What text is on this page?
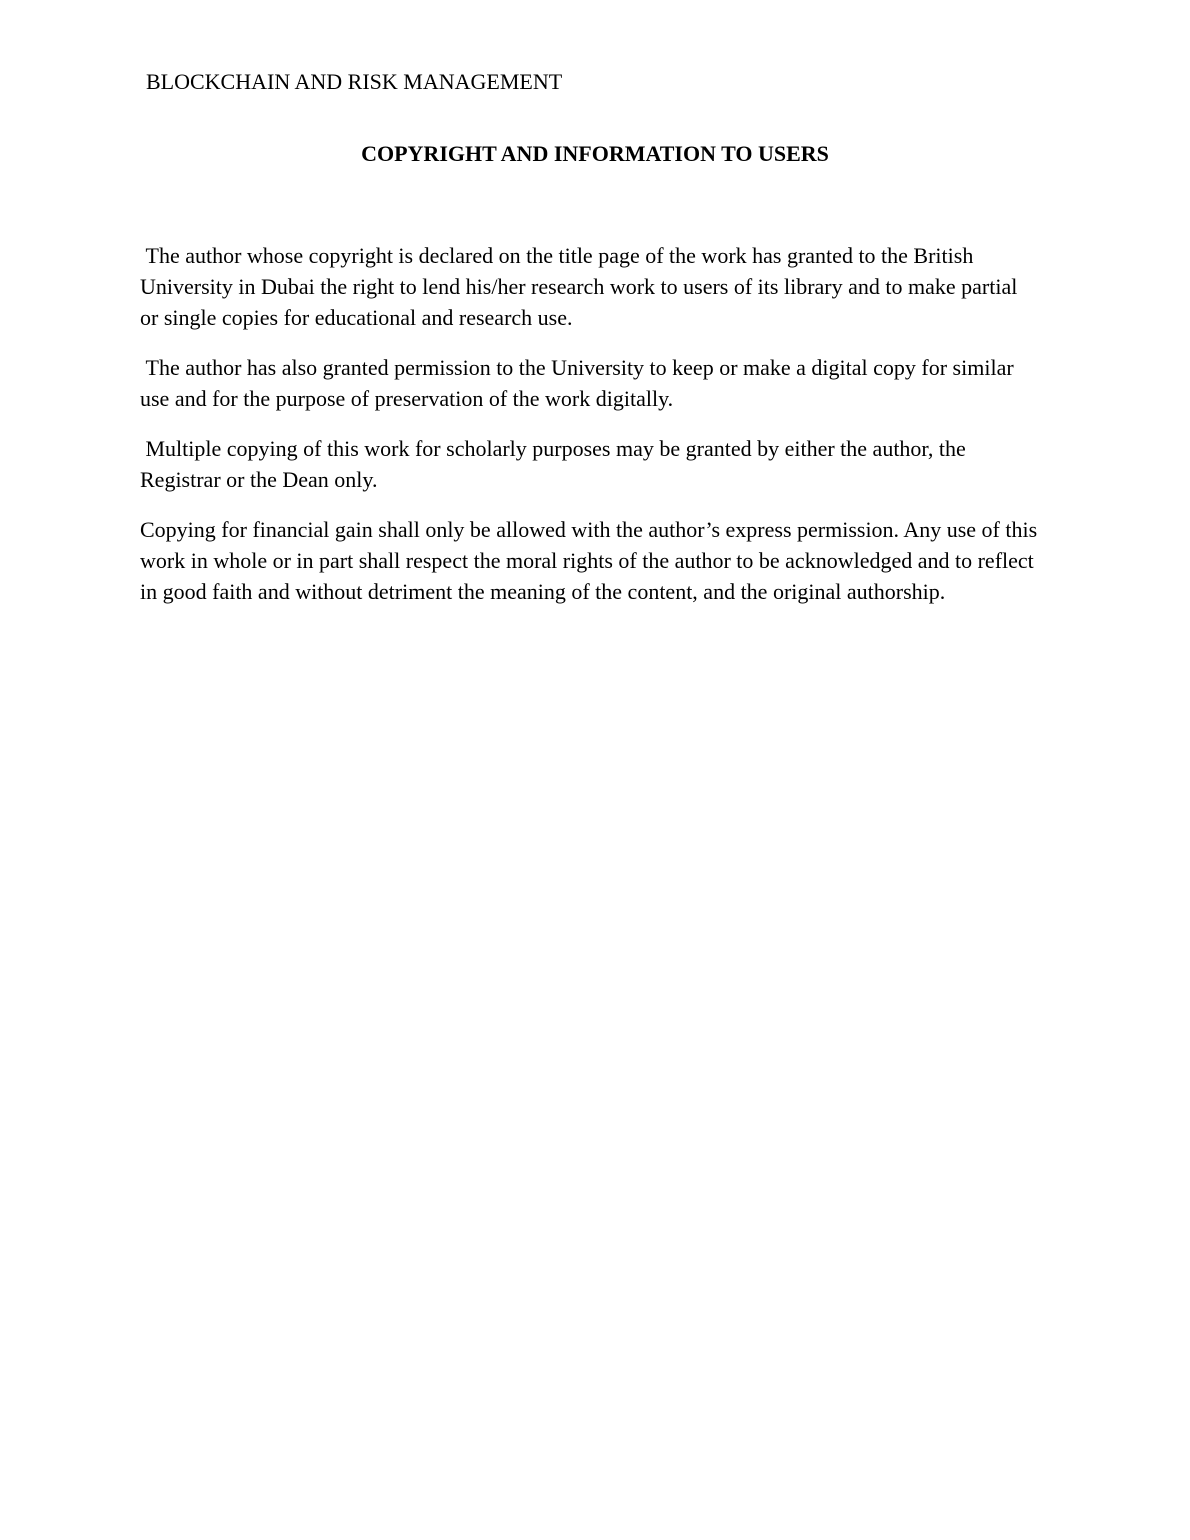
BLOCKCHAIN AND RISK MANAGEMENT

COPYRIGHT AND INFORMATION TO USERS

The author whose copyright is declared on the title page of the work has granted to the British University in Dubai the right to lend his/her research work to users of its library and to make partial or single copies for educational and research use.

The author has also granted permission to the University to keep or make a digital copy for similar use and for the purpose of preservation of the work digitally.

Multiple copying of this work for scholarly purposes may be granted by either the author, the Registrar or the Dean only.

Copying for financial gain shall only be allowed with the author’s express permission. Any use of this work in whole or in part shall respect the moral rights of the author to be acknowledged and to reflect in good faith and without detriment the meaning of the content, and the original authorship.
